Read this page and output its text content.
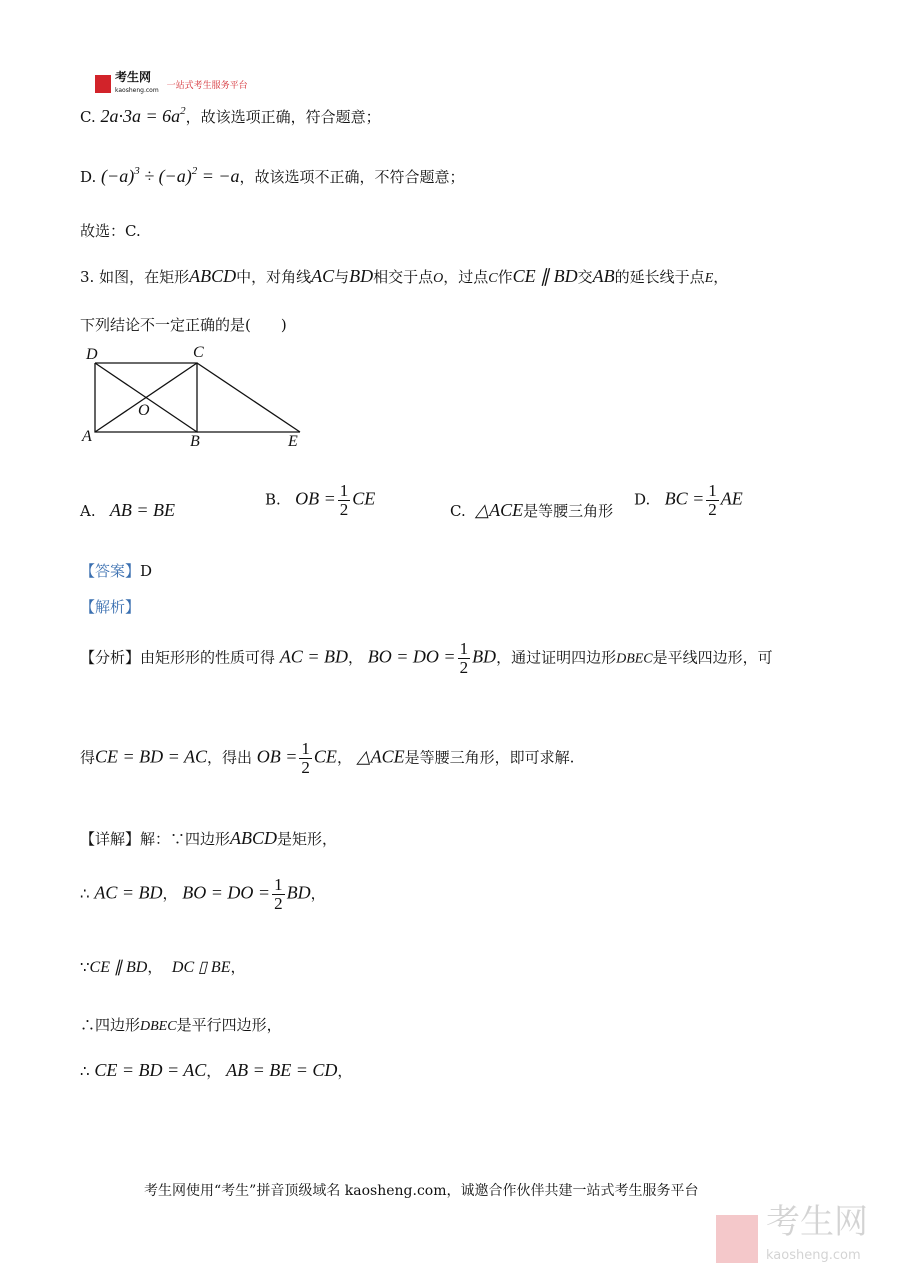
考生网
kaosheng.com 一站式考生服务平台
C. $2a\cdot 3a = 6a^2$，故该选项正确，符合题意；
D. $(-a)^3 \div (-a)^2 = -a$，故该选项不正确，不符合题意；
故选：C.
3. 如图，在矩形ABCD中，对角线AC与BD相交于点O，过点C作CE ∥ BD交AB的延长线于点E，
下列结论不一定正确的是(　　)
D	C
O
A	B	E
A. AB = BE
B. OB = $\frac{1}{2}$ CE
C. △ACE是等腰三角形
D. BC = $\frac{1}{2}$ AE
【答案】D
【解析】
【分析】由矩形形的性质可得 AC = BD， BO = DO = $\frac{1}{2}$ BD，通过证明四边形DBEC是平线四边形，可
得CE = BD = AC，得出 OB = $\frac{1}{2}$ CE， △ACE是等腰三角形，即可求解.
【详解】解：∵四边形ABCD是矩形，
∴ AC = BD， BO = DO = $\frac{1}{2}$ BD，
∵CE ∥ BD， DC ▯ BE，
∴四边形DBEC是平行四边形，
∴ CE = BD = AC， AB = BE = CD，
考生网使用“考生”拼音顶级域名 kaosheng.com，诚邀合作伙伴共建一站式考生服务平台
考生网
kaosheng.com
